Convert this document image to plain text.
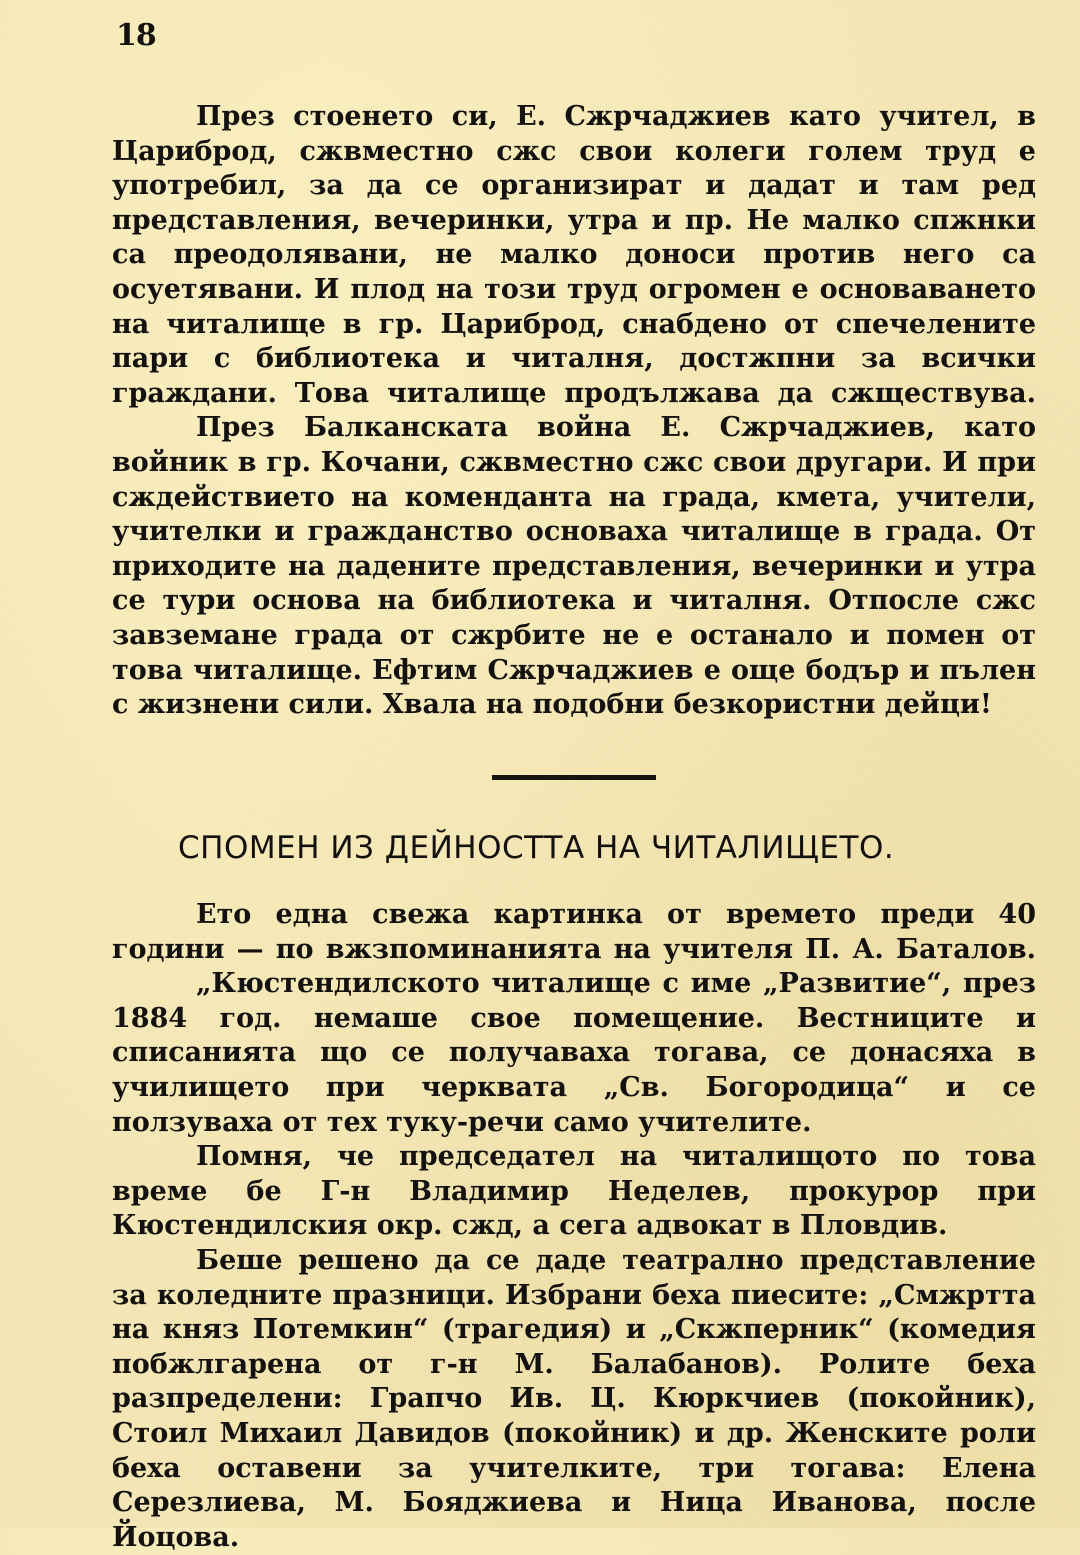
18

През стоенето си, Е. Сжрчаджиев като учител, в Цариброд, сжвместно сжс свои колеги голем труд е употребил, за да се организират и дадат и там ред представления, вечеринки, утра и пр. Не малко спжнки са преодолявани, не малко доноси против него са осуетявани. И плод на този труд огромен е основаването на читалище в гр. Цариброд, снабдено от спечелените пари с библиотека и читалня, достжпни за всички граждани. Това читалище продължава да сжществува.

През Балканската война Е. Сжрчаджиев, като войник в гр. Кочани, сжвместно сжс свои другари. И при сждействието на коменданта на града, кмета, учители, учителки и гражданство основаха читалище в града. От приходите на дадените представления, вечеринки и утра се тури основа на библиотека и читалня. Отпосле сжс завземане града от сжрбите не е останало и помен от това читалище. Ефтим Сжрчаджиев е още бодър и пълен с жизнени сили. Хвала на подобни безкористни дейци!

СПОМЕН ИЗ ДЕЙНОСТТА НА ЧИТАЛИЩЕТО.

Ето една свежа картинка от времето преди 40 години — по вжзпоминанията на учителя П. А. Баталов.

„Кюстендилското читалище с име „Развитие“, през 1884 год. немаше свое помещение. Вестниците и списанията що се получаваха тогава, се донасяха в училището при черквата „Св. Богородица“ и се ползуваха от тех туку-речи само учителите.

Помня, че председател на читалищото по това време бе Г-н Владимир Неделев, прокурор при Кюстендилския окр. сжд, а сега адвокат в Пловдив.

Беше решено да се даде театрално представление за коледните празници. Избрани беха пиесите: „Смжртта на княз Потемкин“ (трагедия) и „Скжперник“ (комедия побжлгарена от г-н М. Балабанов). Ролите беха разпределени: Грапчо Ив. Ц. Кюркчиев (покойник), Стоил Михаил Давидов (покойник) и др. Женските роли беха оставени за учителките, три тогава: Елена Серезлиева, М. Бояджиева и Ница Иванова, после Йоцова.
